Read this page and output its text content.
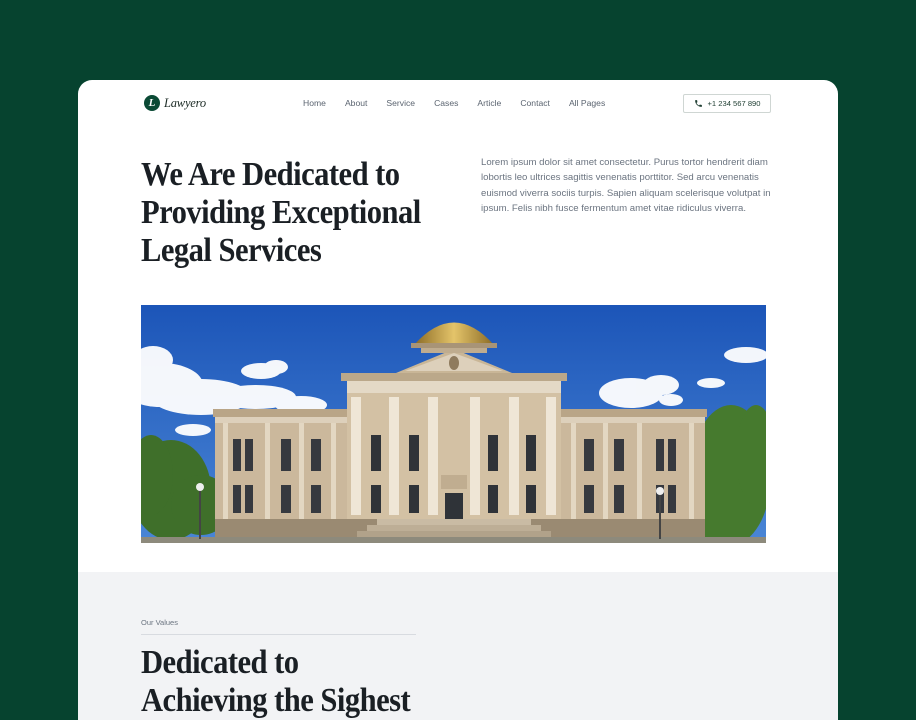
L Lawyero	Home About Service Cases Article Contact All Pages	+1 234 567 890
We Are Dedicated to
Providing Exceptional
Legal Services

Lorem ipsum dolor sit amet consectetur. Purus tortor hendrerit diam lobortis leo ultrices sagittis venenatis porttitor. Sed arcu venenatis euismod viverra sociis turpis. Sapien aliquam scelerisque volutpat in ipsum. Felis nibh fusce fermentum amet vitae ridiculus viverra.

Our Values
Dedicated to
Achieving the Sighest
